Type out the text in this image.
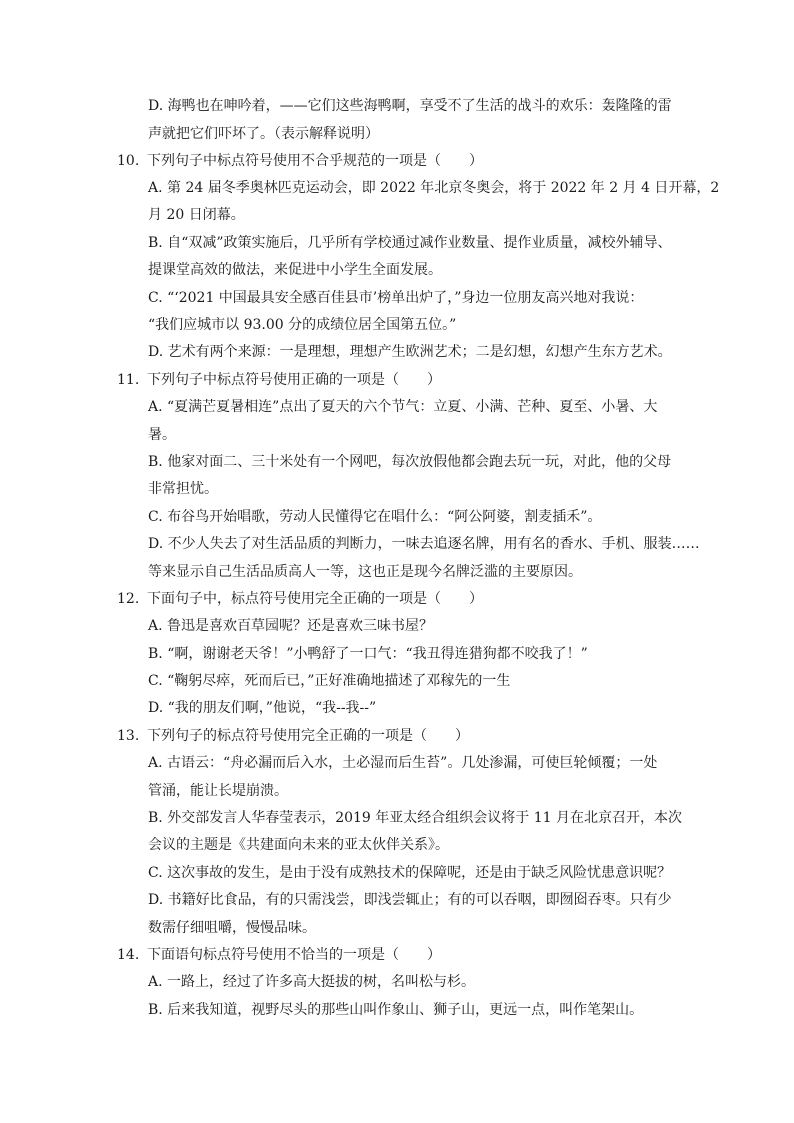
D. 海鸭也在呻吟着，——它们这些海鸭啊，享受不了生活的战斗的欢乐：轰隆隆的雷
声就把它们吓坏了。（表示解释说明）
10. 下列句子中标点符号使用不合乎规范的一项是（　　）
A. 第 24 届冬季奥林匹克运动会，即 2022 年北京冬奥会，将于 2022 年 2 月 4 日开幕，2
月 20 日闭幕。
B. 自“双减”政策实施后，几乎所有学校通过减作业数量、提作业质量，减校外辅导、
提课堂高效的做法，来促进中小学生全面发展。
C. “‘2021 中国最具安全感百佳县市’榜单出炉了，”身边一位朋友高兴地对我说：
“我们应城市以 93.00 分的成绩位居全国第五位。”
D. 艺术有两个来源：一是理想，理想产生欧洲艺术；二是幻想，幻想产生东方艺术。
11. 下列句子中标点符号使用正确的一项是（　　）
A. “夏满芒夏暑相连”点出了夏天的六个节气：立夏、小满、芒种、夏至、小暑、大
暑。
B. 他家对面二、三十米处有一个网吧，每次放假他都会跑去玩一玩，对此，他的父母
非常担忧。
C. 布谷鸟开始唱歌，劳动人民懂得它在唱什么：“阿公阿婆，割麦插禾”。
D. 不少人失去了对生活品质的判断力，一味去追逐名牌，用有名的香水、手机、服装……
等来显示自己生活品质高人一等，这也正是现今名牌泛滥的主要原因。
12. 下面句子中，标点符号使用完全正确的一项是（　　）
A. 鲁迅是喜欢百草园呢？还是喜欢三味书屋？
B. “啊，谢谢老天爷！”小鸭舒了一口气：“我丑得连猎狗都不咬我了！”
C. “鞠躬尽瘁，死而后已，”正好准确地描述了邓稼先的一生
D. “我的朋友们啊，”他说，“我--我--”
13. 下列句子的标点符号使用完全正确的一项是（　　）
A. 古语云：“舟必漏而后入水，土必湿而后生苔”。几处渗漏，可使巨轮倾覆；一处
管涌，能让长堤崩溃。
B. 外交部发言人华春莹表示，2019 年亚太经合组织会议将于 11 月在北京召开，本次
会议的主题是《共建面向未来的亚太伙伴关系》。
C. 这次事故的发生，是由于没有成熟技术的保障呢，还是由于缺乏风险忧患意识呢？
D. 书籍好比食品，有的只需浅尝，即浅尝辄止；有的可以吞咽，即囫囵吞枣。只有少
数需仔细咀嚼，慢慢品味。
14. 下面语句标点符号使用不恰当的一项是（　　）
A. 一路上，经过了许多高大挺拔的树，名叫松与杉。
B. 后来我知道，视野尽头的那些山叫作象山、狮子山，更远一点，叫作笔架山。
